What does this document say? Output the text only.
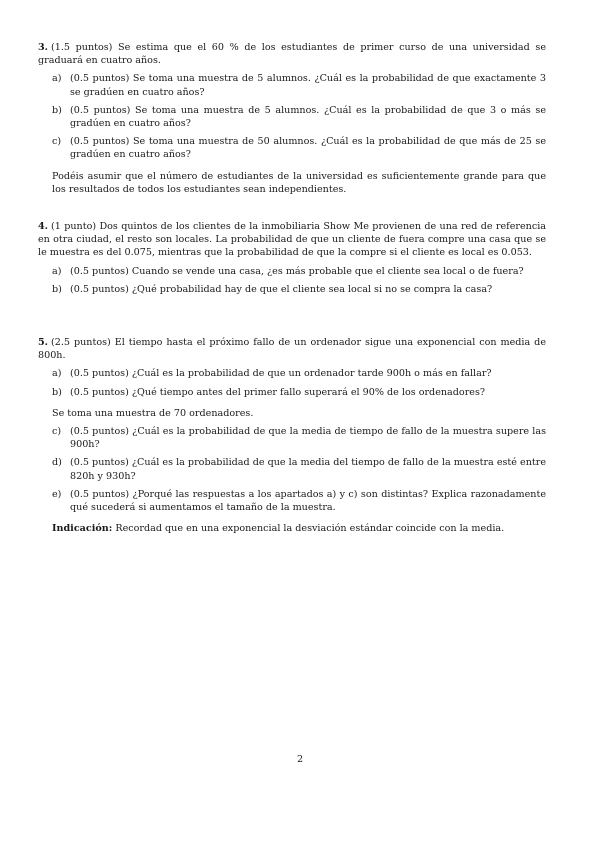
3. (1.5 puntos) Se estima que el 60 % de los estudiantes de primer curso de una universidad se graduará en cuatro años.
a) (0.5 puntos) Se toma una muestra de 5 alumnos. ¿Cuál es la probabilidad de que exactamente 3 se gradúen en cuatro años?
b) (0.5 puntos) Se toma una muestra de 5 alumnos. ¿Cuál es la probabilidad de que 3 o más se gradúen en cuatro años?
c) (0.5 puntos) Se toma una muestra de 50 alumnos. ¿Cuál es la probabilidad de que más de 25 se gradúen en cuatro años?
Podéis asumir que el número de estudiantes de la universidad es suficientemente grande para que los resultados de todos los estudiantes sean independientes.
4. (1 punto) Dos quintos de los clientes de la inmobiliaria Show Me provienen de una red de referencia en otra ciudad, el resto son locales. La probabilidad de que un cliente de fuera compre una casa que se le muestra es del 0.075, mientras que la probabilidad de que la compre si el cliente es local es 0.053.
a) (0.5 puntos) Cuando se vende una casa, ¿es más probable que el cliente sea local o de fuera?
b) (0.5 puntos) ¿Qué probabilidad hay de que el cliente sea local si no se compra la casa?
5. (2.5 puntos) El tiempo hasta el próximo fallo de un ordenador sigue una exponencial con media de 800h.
a) (0.5 puntos) ¿Cuál es la probabilidad de que un ordenador tarde 900h o más en fallar?
b) (0.5 puntos) ¿Qué tiempo antes del primer fallo superará el 90% de los ordenadores?
Se toma una muestra de 70 ordenadores.
c) (0.5 puntos) ¿Cuál es la probabilidad de que la media de tiempo de fallo de la muestra supere las 900h?
d) (0.5 puntos) ¿Cuál es la probabilidad de que la media del tiempo de fallo de la muestra esté entre 820h y 930h?
e) (0.5 puntos) ¿Porqué las respuestas a los apartados a) y c) son distintas? Explica razonadamente qué sucederá si aumentamos el tamaño de la muestra.
Indicación: Recordad que en una exponencial la desviación estándar coincide con la media.
2
